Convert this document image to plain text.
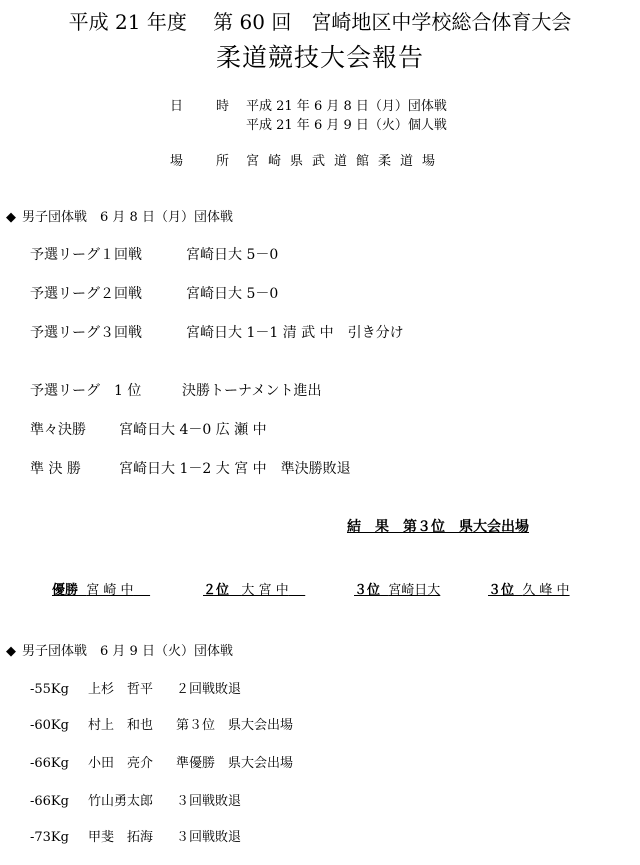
平成 21 年度　 第 60 回　宮崎地区中学校総合体育大会
柔道競技大会報告
日　時 平成 21 年 6 月 8 日（月）団体戦
平成 21 年 6 月 9 日（火）個人戦
場　所 宮崎県武道館柔道場
◆ 男子団体戦　6 月 8 日（月）団体戦
予選リーグ１回戦	宮崎日大 5－0
予選リーグ２回戦	宮崎日大 5－0
予選リーグ３回戦	宮崎日大 1－1 清 武 中　引き分け
予選リーグ　1 位	決勝トーナメント進出
準々決勝 宮崎日大 4－0 広 瀬 中
準 決 勝	宮崎日大 1－2 大 宮 中　準決勝敗退
結　果　第３位　県大会出場
優勝 宮 崎 中	２位 大 宮 中	３位 宮崎日大	３位 久 峰 中
◆ 男子団体戦　6 月 9 日（火）団体戦
-55Kg 上杉　哲平 ２回戦敗退
-60Kg 村上　和也 第３位　県大会出場
-66Kg 小田　亮介 準優勝　県大会出場
-66Kg 竹山勇太郎 ３回戦敗退
-73Kg 甲斐　拓海 ３回戦敗退
